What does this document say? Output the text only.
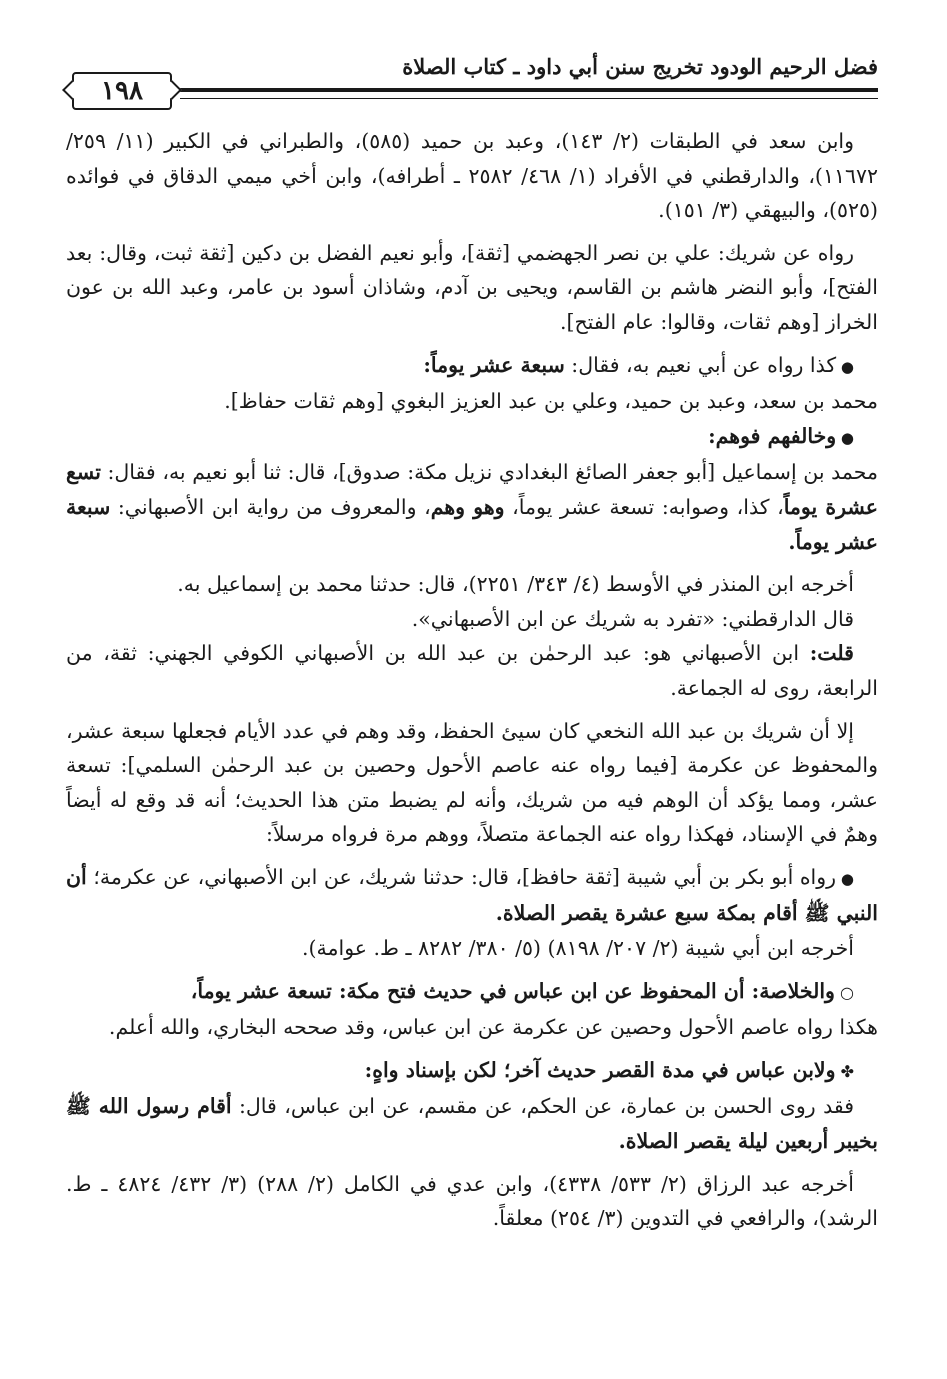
فضل الرحيم الودود تخريج سنن أبي داود ـ كتاب الصلاة
١٩٨

وابن سعد في الطبقات (٢/ ١٤٣)، وعبد بن حميد (٥٨٥)، والطبراني في الكبير (١١/ ٢٥٩/ ١١٦٧٢)، والدارقطني في الأفراد (١/ ٤٦٨/ ٢٥٨٢ ـ أطرافه)، وابن أخي ميمي الدقاق في فوائده (٥٢٥)، والبيهقي (٣/ ١٥١).

رواه عن شريك: علي بن نصر الجهضمي [ثقة]، وأبو نعيم الفضل بن دكين [ثقة ثبت، وقال: بعد الفتح]، وأبو النضر هاشم بن القاسم، ويحيى بن آدم، وشاذان أسود بن عامر، وعبد الله بن عون الخراز [وهم ثقات، وقالوا: عام الفتح].

● كذا رواه عن أبي نعيم به، فقال: سبعة عشر يوماً:

محمد بن سعد، وعبد بن حميد، وعلي بن عبد العزيز البغوي [وهم ثقات حفاظ].

● وخالفهم فوهم:

محمد بن إسماعيل [أبو جعفر الصائغ البغدادي نزيل مكة: صدوق]، قال: ثنا أبو نعيم به، فقال: تسع عشرة يوماً، كذا، وصوابه: تسعة عشر يوماً، وهو وهم، والمعروف من رواية ابن الأصبهاني: سبعة عشر يوماً.

أخرجه ابن المنذر في الأوسط (٤/ ٣٤٣/ ٢٢٥١)، قال: حدثنا محمد بن إسماعيل به.

قال الدارقطني: «تفرد به شريك عن ابن الأصبهاني».

قلت: ابن الأصبهاني هو: عبد الرحمٰن بن عبد الله بن الأصبهاني الكوفي الجهني: ثقة، من الرابعة، روى له الجماعة.

إلا أن شريك بن عبد الله النخعي كان سيئ الحفظ، وقد وهم في عدد الأيام فجعلها سبعة عشر، والمحفوظ عن عكرمة [فيما رواه عنه عاصم الأحول وحصين بن عبد الرحمٰن السلمي]: تسعة عشر، ومما يؤكد أن الوهم فيه من شريك، وأنه لم يضبط متن هذا الحديث؛ أنه قد وقع له أيضاً وهمٌ في الإسناد، فهكذا رواه عنه الجماعة متصلاً، ووهم مرة فرواه مرسلاً:

● رواه أبو بكر بن أبي شيبة [ثقة حافظ]، قال: حدثنا شريك، عن ابن الأصبهاني، عن عكرمة؛ أن النبي ﷺ أقام بمكة سبع عشرة يقصر الصلاة.

أخرجه ابن أبي شيبة (٢/ ٢٠٧/ ٨١٩٨) (٥/ ٣٨٠/ ٨٢٨٢ ـ ط. عوامة).

○ والخلاصة: أن المحفوظ عن ابن عباس في حديث فتح مكة: تسعة عشر يوماً،

هكذا رواه عاصم الأحول وحصين عن عكرمة عن ابن عباس، وقد صححه البخاري، والله أعلم.

✤ ولابن عباس في مدة القصر حديث آخر؛ لكن بإسناد واهٍ:

فقد روى الحسن بن عمارة، عن الحكم، عن مقسم، عن ابن عباس، قال: أقام رسول الله ﷺ بخيبر أربعين ليلة يقصر الصلاة.

أخرجه عبد الرزاق (٢/ ٥٣٣/ ٤٣٣٨)، وابن عدي في الكامل (٢/ ٢٨٨) (٣/ ٤٣٢/ ٤٨٢٤ ـ ط. الرشد)، والرافعي في التدوين (٣/ ٢٥٤) معلقاً.
